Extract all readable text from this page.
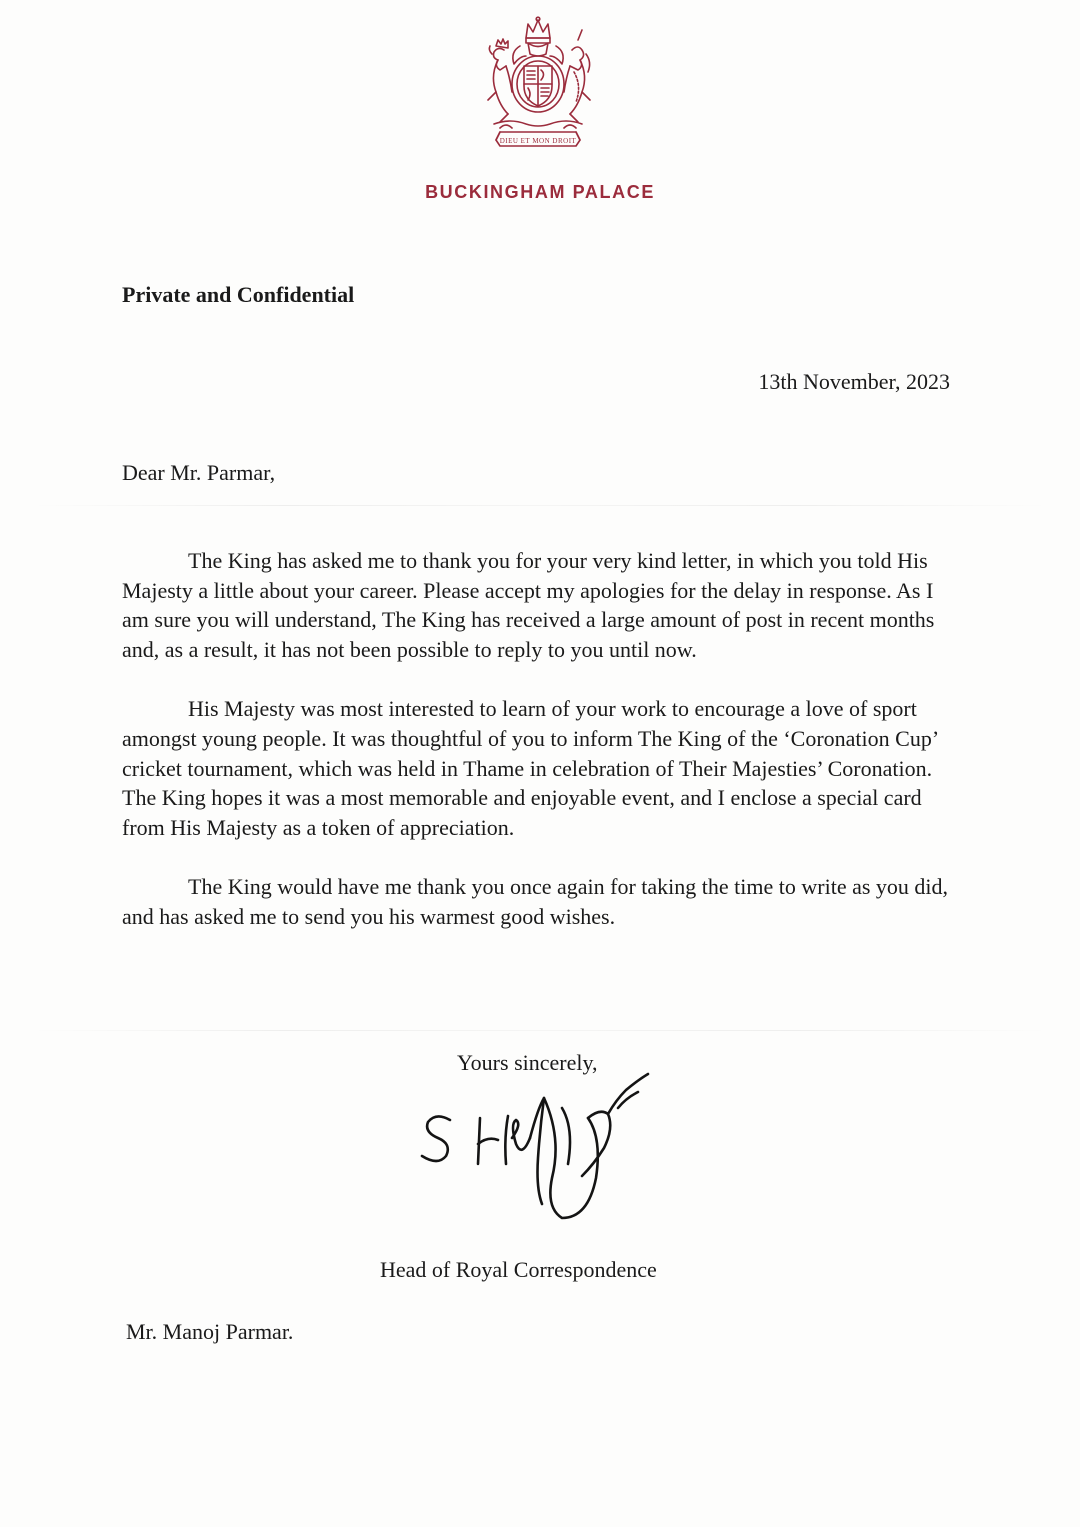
DIEU ET MON DROIT
BUCKINGHAM PALACE
Private and Confidential
13th November, 2023
Dear Mr. Parmar,

The King has asked me to thank you for your very kind letter, in which you told His Majesty a little about your career. Please accept my apologies for the delay in response. As I am sure you will understand, The King has received a large amount of post in recent months and, as a result, it has not been possible to reply to you until now.

His Majesty was most interested to learn of your work to encourage a love of sport amongst young people. It was thoughtful of you to inform The King of the ‘Coronation Cup’ cricket tournament, which was held in Thame in celebration of Their Majesties’ Coronation. The King hopes it was a most memorable and enjoyable event, and I enclose a special card from His Majesty as a token of appreciation.

The King would have me thank you once again for taking the time to write as you did, and has asked me to send you his warmest good wishes.

Yours sincerely,
Head of Royal Correspondence
Mr. Manoj Parmar.
